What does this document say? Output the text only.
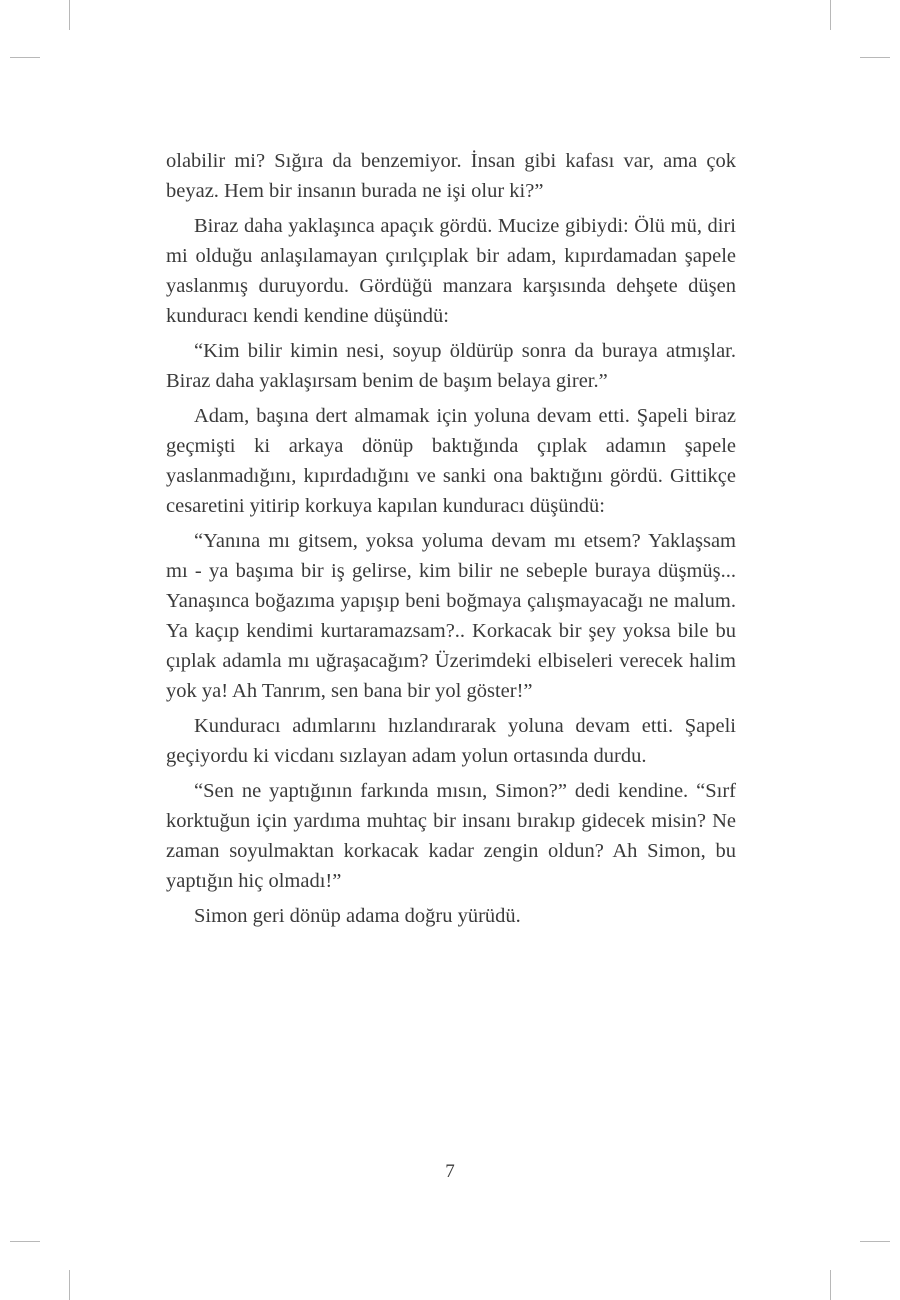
olabilir mi? Sığıra da benzemiyor. İnsan gibi kafası var, ama çok beyaz. Hem bir insanın burada ne işi olur ki?”

Biraz daha yaklaşınca apaçık gördü. Mucize gibiydi: Ölü mü, diri mi olduğu anlaşılamayan çırılçıplak bir adam, kıpırdamadan şapele yaslanmış duruyordu. Gördüğü manzara karşısında dehşete düşen kunduracı kendi kendine düşündü:

“Kim bilir kimin nesi, soyup öldürüp sonra da buraya atmışlar. Biraz daha yaklaşırsam benim de başım belaya girer.”

Adam, başına dert almamak için yoluna devam etti. Şapeli biraz geçmişti ki arkaya dönüp baktığında çıplak adamın şapele yaslanmadığını, kıpırdadığını ve sanki ona baktığını gördü. Gittikçe cesaretini yitirip korkuya kapılan kunduracı düşündü:

“Yanına mı gitsem, yoksa yoluma devam mı etsem? Yaklaşsam mı - ya başıma bir iş gelirse, kim bilir ne sebeple buraya düşmüş... Yanaşınca boğazıma yapışıp beni boğmaya çalışmayacağı ne malum. Ya kaçıp kendimi kurtaramazsam?.. Korkacak bir şey yoksa bile bu çıplak adamla mı uğraşacağım? Üzerimdeki elbiseleri verecek halim yok ya! Ah Tanrım, sen bana bir yol göster!”

Kunduracı adımlarını hızlandırarak yoluna devam etti. Şapeli geçiyordu ki vicdanı sızlayan adam yolun ortasında durdu.

“Sen ne yaptığının farkında mısın, Simon?” dedi kendine. “Sırf korktuğun için yardıma muhtaç bir insanı bırakıp gidecek misin? Ne zaman soyulmaktan korkacak kadar zengin oldun? Ah Simon, bu yaptığın hiç olmadı!”

Simon geri dönüp adama doğru yürüdü.

7
